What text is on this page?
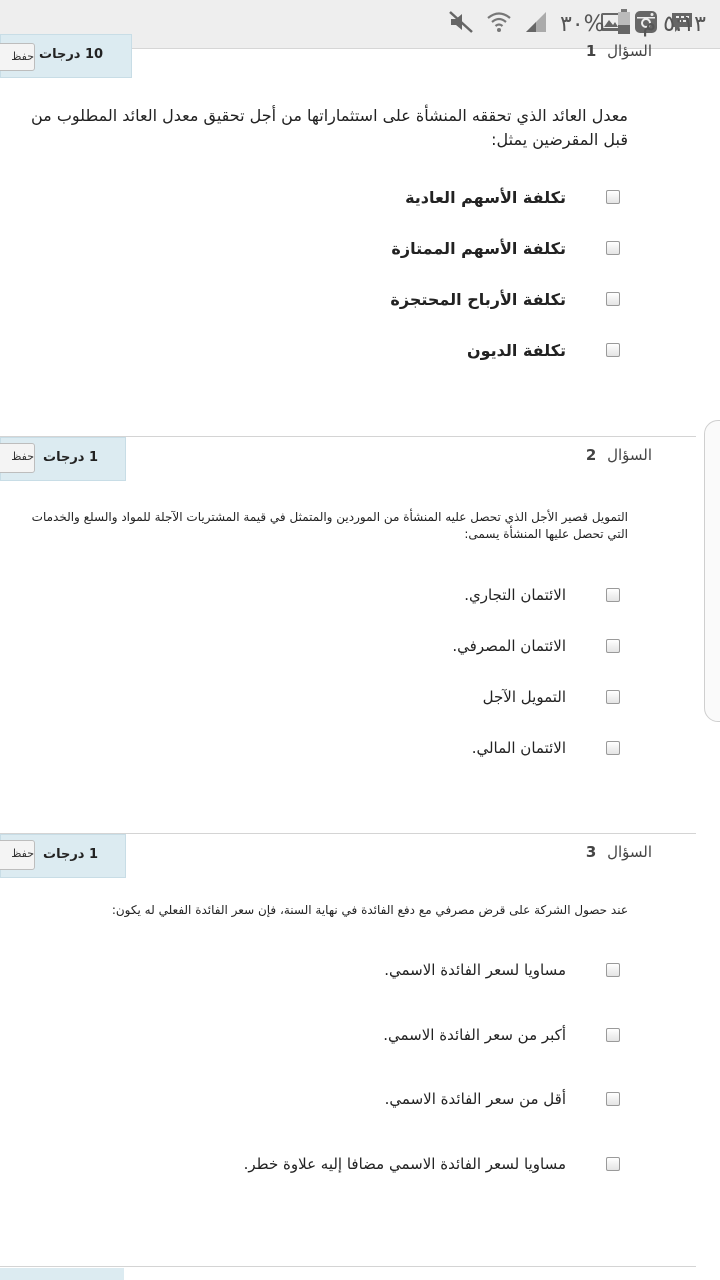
٣٠% ٥:١٣ م
10 درجات
حفظ	السؤال 1
معدل العائد الذي تحققه المنشأة على استثماراتها من أجل تحقيق معدل العائد المطلوب من قبل المقرضين يمثل:
تكلفة الأسهم العادية
تكلفة الأسهم الممتازة
تكلفة الأرباح المحتجزة
تكلفة الديون
1 درجات
حفظ	السؤال 2
التمويل قصير الأجل الذي تحصل عليه المنشأة من الموردين والمتمثل في قيمة المشتريات الآجلة للمواد والسلع والخدمات التي تحصل عليها المنشأة يسمى:
الائتمان التجاري.
الائتمان المصرفي.
التمويل الآجل
الائتمان المالي.
1 درجات
حفظ	السؤال 3
عند حصول الشركة على قرض مصرفي مع دفع الفائدة في نهاية السنة، فإن سعر الفائدة الفعلي له يكون:
مساويا لسعر الفائدة الاسمي.
أكبر من سعر الفائدة الاسمي.
أقل من سعر الفائدة الاسمي.
مساويا لسعر الفائدة الاسمي مضافا إليه علاوة خطر.
